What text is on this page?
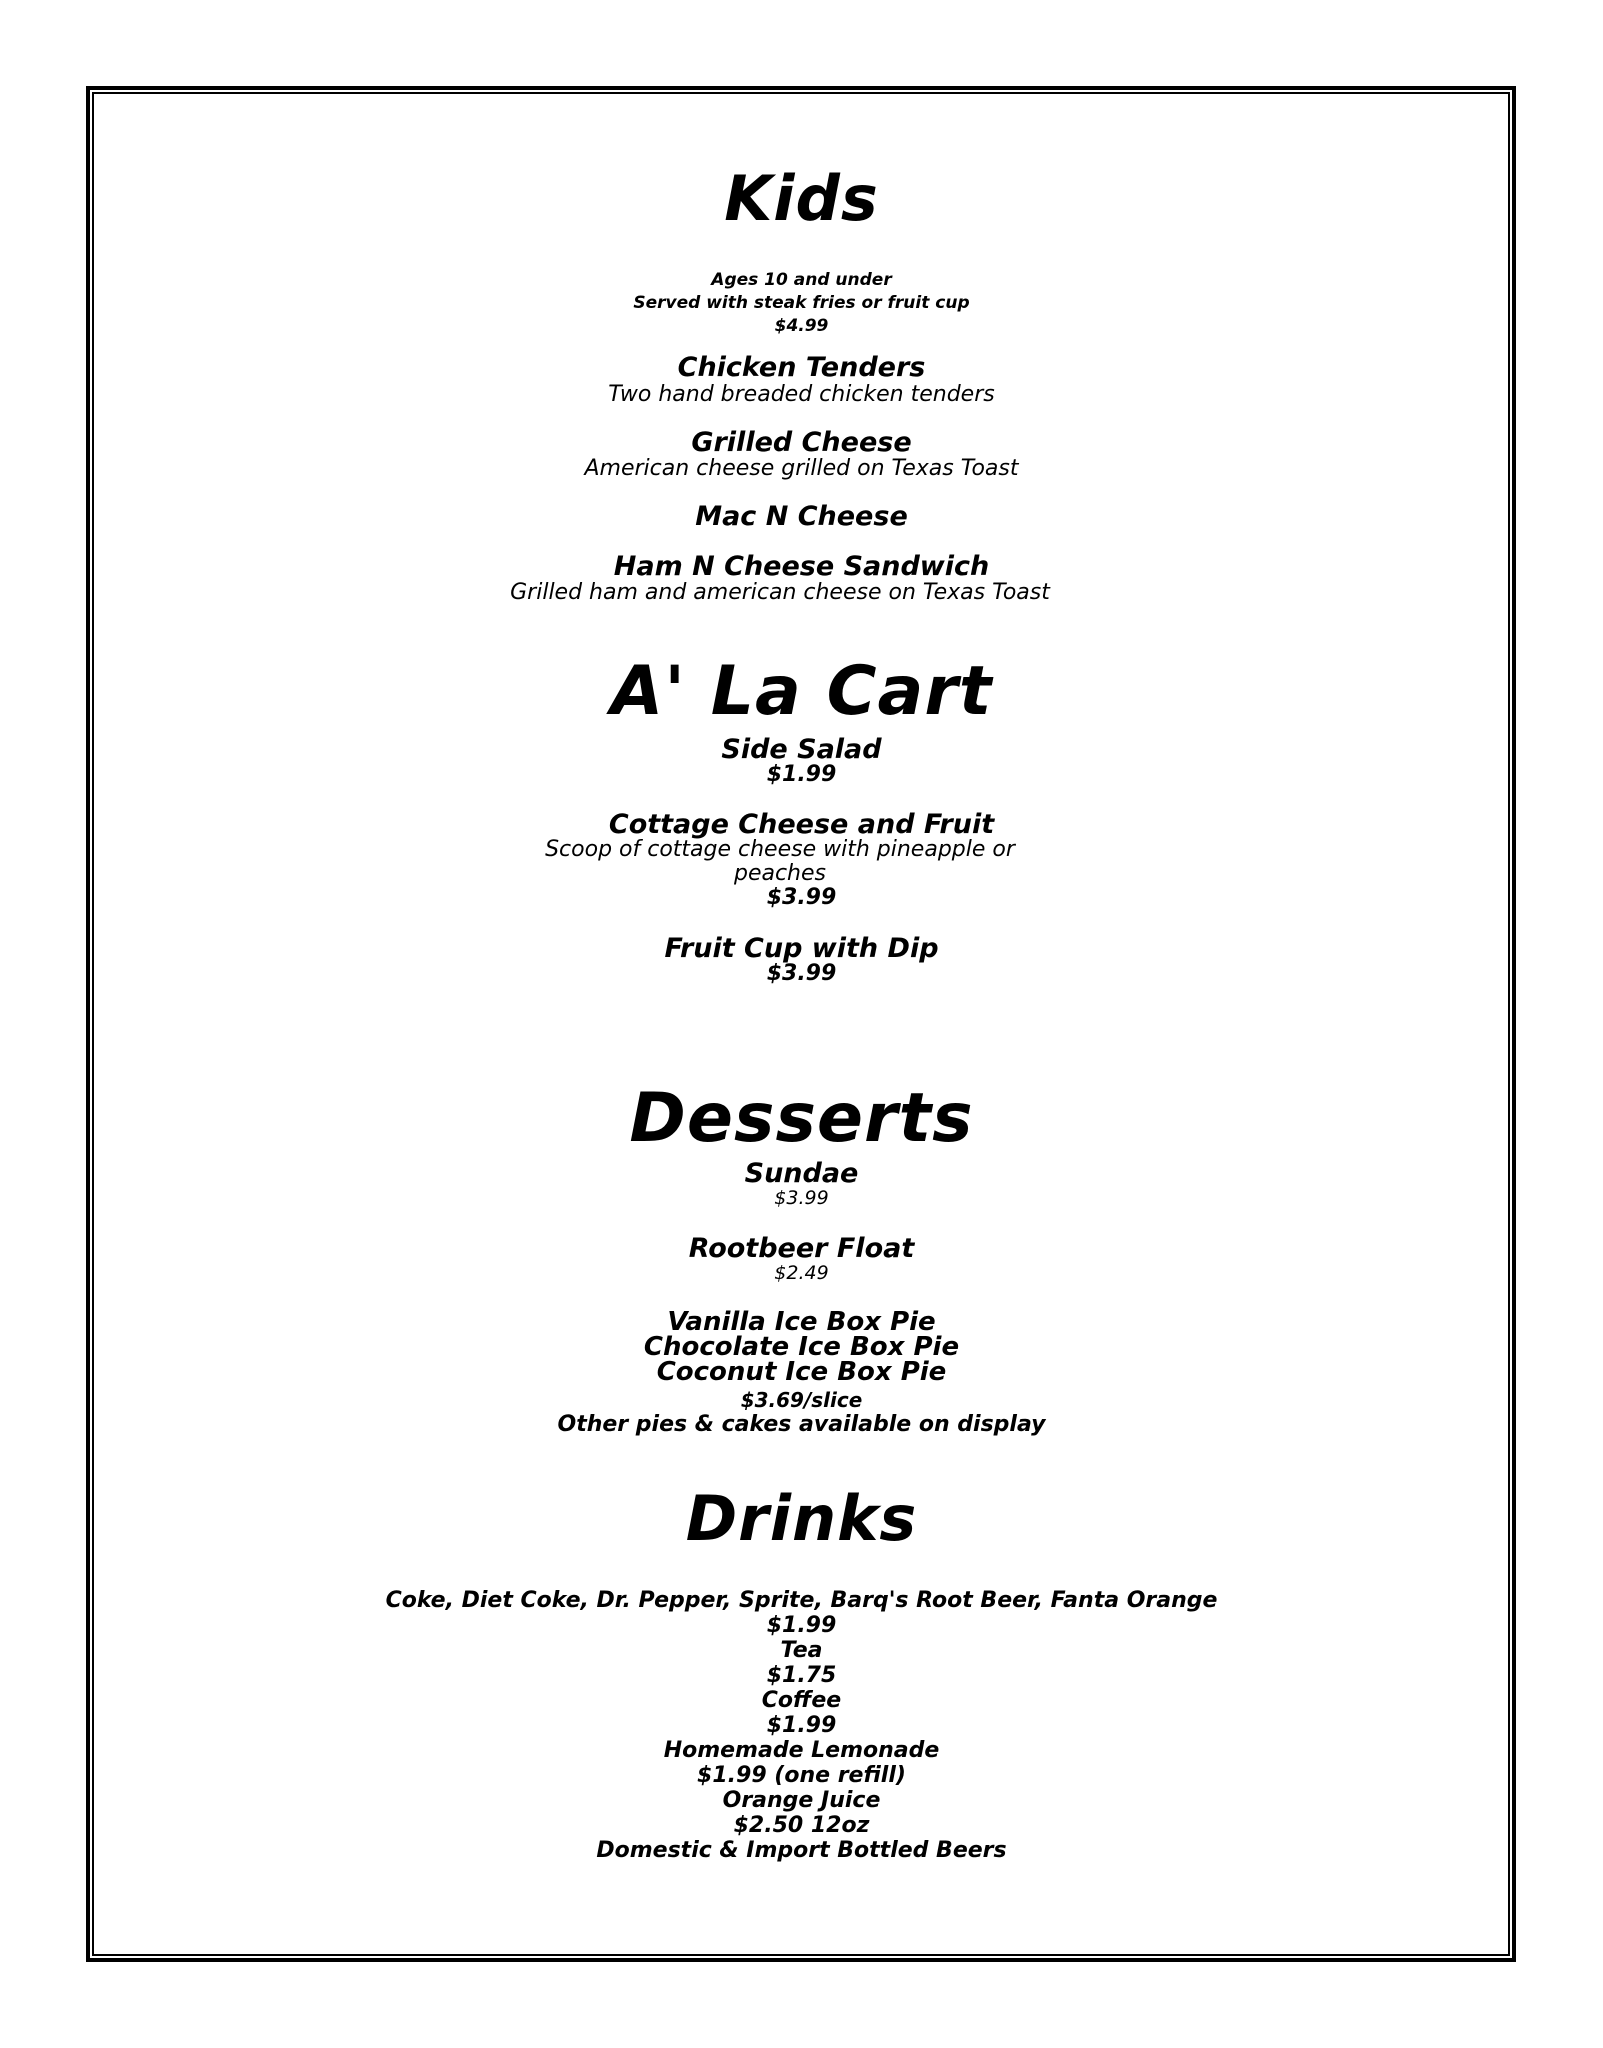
Kids
Ages 10 and under
Served with steak fries or fruit cup
$4.99
Chicken Tenders
Two hand breaded chicken tenders
Grilled Cheese
American cheese grilled on Texas Toast
Mac N Cheese
Ham N Cheese Sandwich
Grilled ham and american cheese on Texas Toast
A' La Cart
Side Salad
$1.99
Cottage Cheese and Fruit
Scoop of cottage cheese with pineapple or peaches
$3.99
Fruit Cup with Dip
$3.99
Desserts
Sundae
$3.99
Rootbeer Float
$2.49
Vanilla Ice Box Pie
Chocolate Ice Box Pie
Coconut Ice Box Pie
$3.69/slice
Other pies & cakes available on display
Drinks
Coke, Diet Coke, Dr. Pepper, Sprite, Barq's Root Beer, Fanta Orange
$1.99
Tea
$1.75
Coffee
$1.99
Homemade Lemonade
$1.99 (one refill)
Orange Juice
$2.50 12oz
Domestic & Import Bottled Beers
